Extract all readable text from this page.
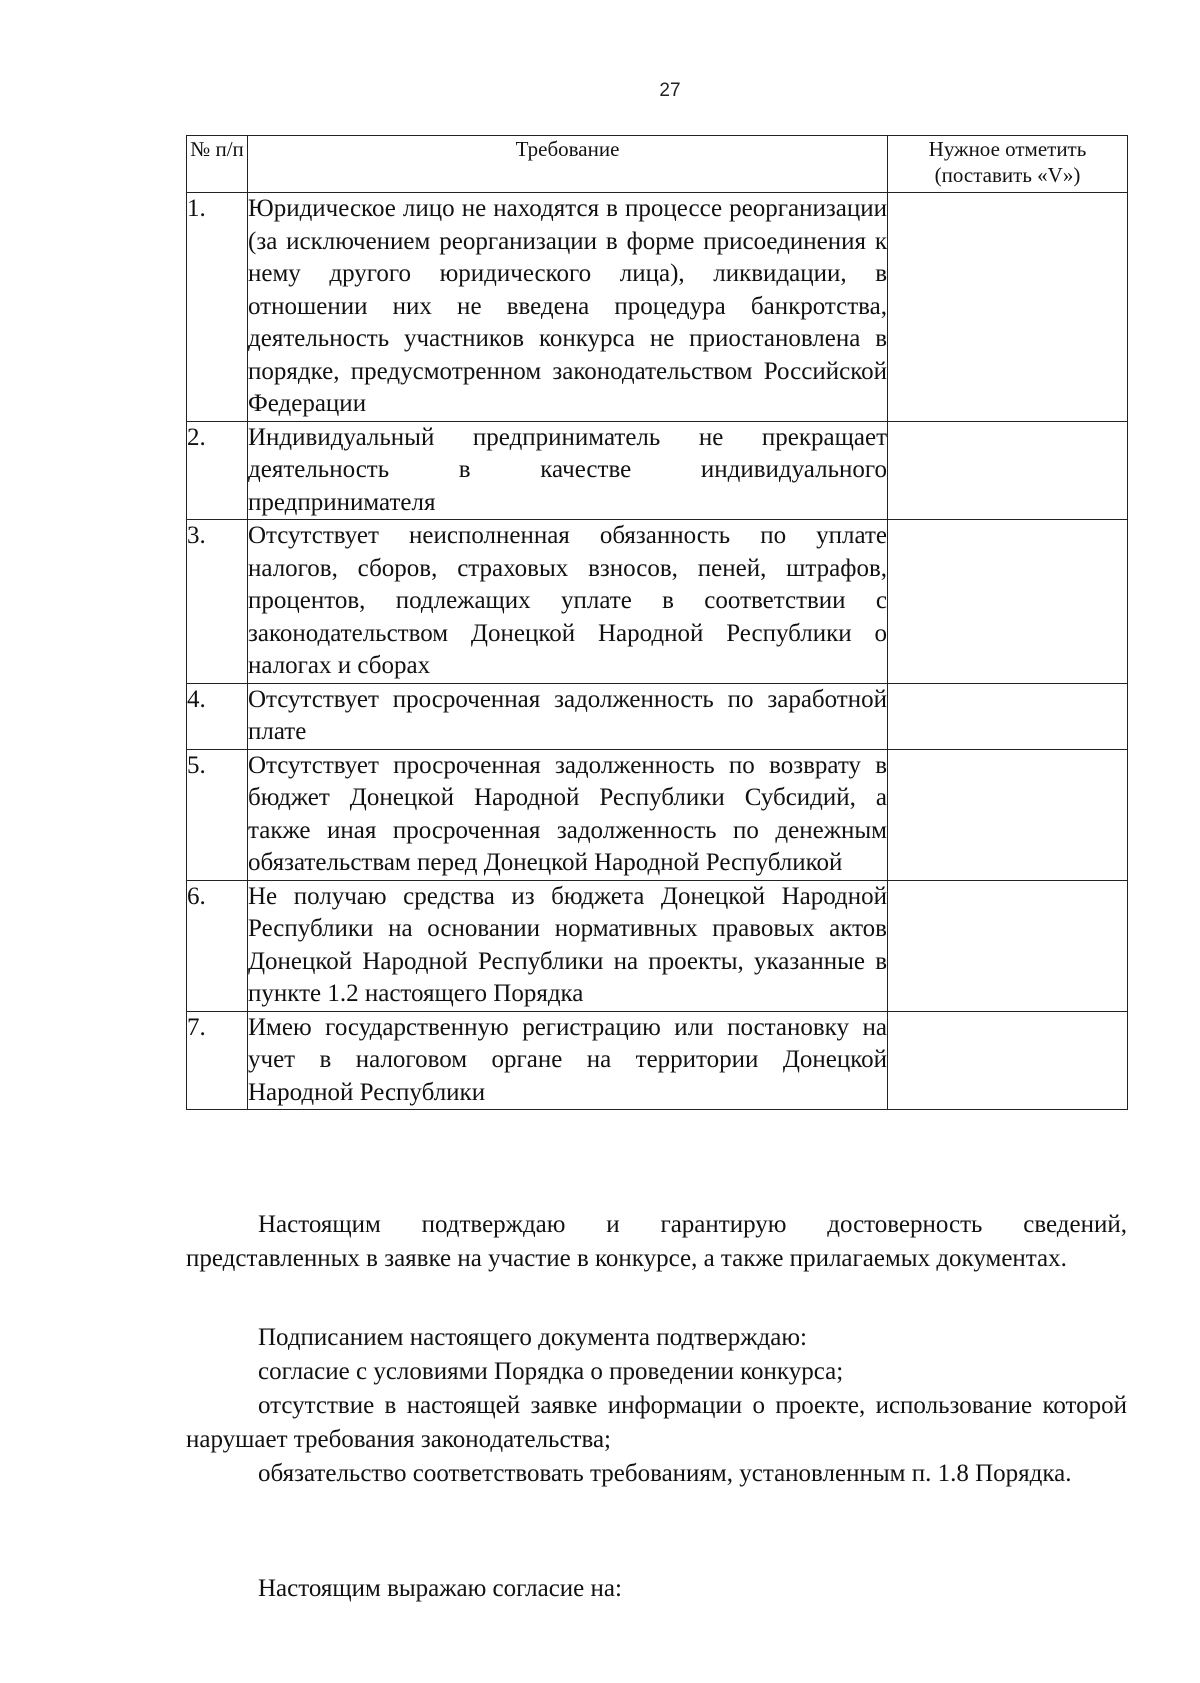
27
№ п/п	Требование	Нужное отметить (поставить «V»)
1.	Юридическое лицо не находятся в процессе реорганизации (за исключением реорганизации в форме присоединения к нему другого юридического лица), ликвидации, в отношении них не введена процедура банкротства, деятельность участников конкурса не приостановлена в порядке, предусмотренном законодательством Российской Федерации	
2.	Индивидуальный предприниматель не прекращает деятельность в качестве индивидуального предпринимателя	
3.	Отсутствует неисполненная обязанность по уплате налогов, сборов, страховых взносов, пеней, штрафов, процентов, подлежащих уплате в соответствии с законодательством Донецкой Народной Республики о налогах и сборах	
4.	Отсутствует просроченная задолженность по заработной плате	
5.	Отсутствует просроченная задолженность по возврату в бюджет Донецкой Народной Республики Субсидий, а также иная просроченная задолженность по денежным обязательствам перед Донецкой Народной Республикой	
6.	Не получаю средства из бюджета Донецкой Народной Республики на основании нормативных правовых актов Донецкой Народной Республики на проекты, указанные в пункте 1.2 настоящего Порядка	
7.	Имею государственную регистрацию или постановку на учет в налоговом органе на территории Донецкой Народной Республики	

Настоящим подтверждаю и гарантирую достоверность сведений, представленных в заявке на участие в конкурсе, а также прилагаемых документах.

Подписанием настоящего документа подтверждаю:

согласие с условиями Порядка о проведении конкурса;

отсутствие в настоящей заявке информации о проекте, использование которой нарушает требования законодательства;

обязательство соответствовать требованиям, установленным п. 1.8 Порядка.

Настоящим выражаю согласие на:
